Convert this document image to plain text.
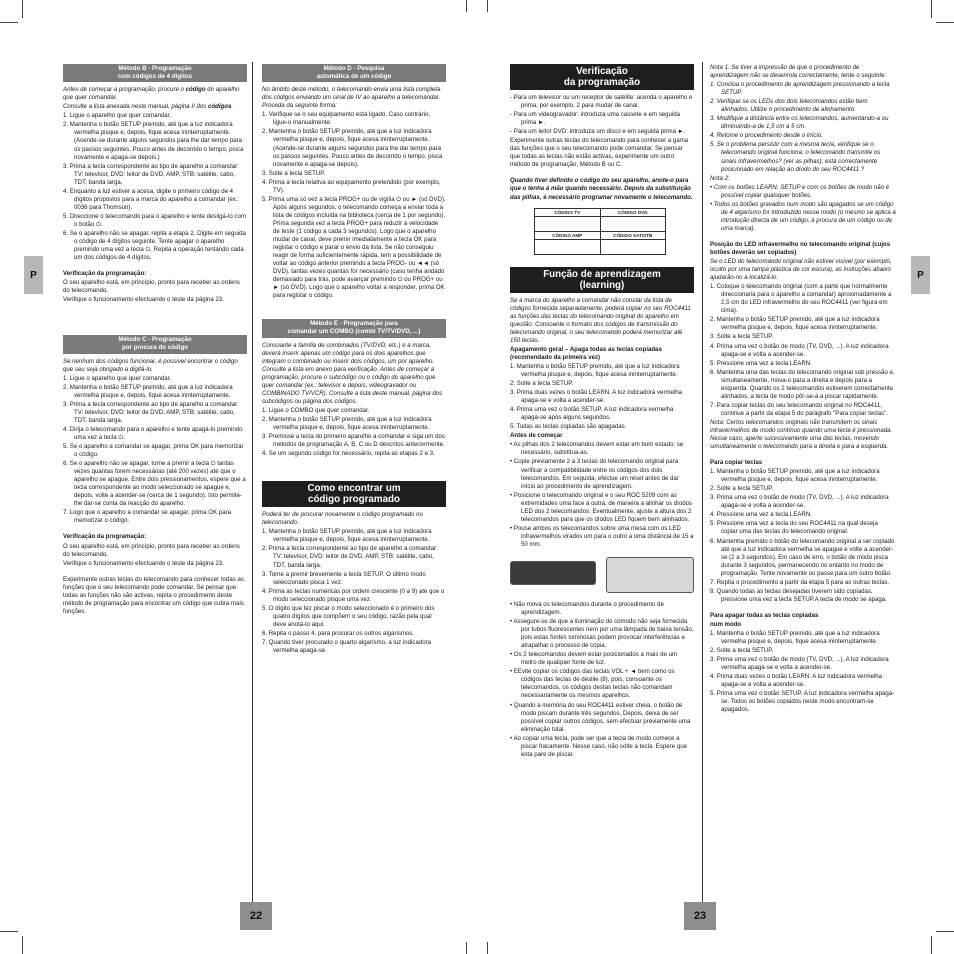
P	P
22	23
Método B - Programação
com códigos de 4 dígitos

Antes de começar a programação, procure o código do aparelho que quer comandar.

Consulte a lista anexada neste manual, página II dos códigos.

1. Ligue o aparelho que quer comandar.

2. Mantenha o botão SETUP premido, até que a luz indicadora vermelha pisque e, depois, fique acesa ininterruptamente. (Acende-se durante alguns segundos para lhe dar tempo para os passos seguintes. Pouco antes de decorrido o tempo, pisca novamente e apaga-se depois.)

3. Prima a tecla correspondente ao tipo de aparelho a comandar: TV: televisor, DVD: leitor de DVD, AMP, STB: satélite, cabo, TDT, banda larga.

4. Enquanto a luz estiver a acesa, digite o primeiro código de 4 dígitos propostos para a marca do aparelho a comandar (ex.: 0036 para Thomson).

5. Direccione o telecomando para o aparelho e tente desligá-lo com o botão ⏻.

6. Se o aparelho não se apagar, repita a etapa 2. Digite em seguida o código de 4 dígitos seguinte. Tente apagar o aparelho premindo uma vez a tecla ⏻. Repita a operação tentando cada um dos códigos de 4 dígitos.

Verificação da programação:

O seu aparelho está, em princípio, pronto para receber as ordens do telecomando.

Verifique o funcionamento efectuando o teste da página 23.

Método C - Programação
por procura do código

Se nenhum dos códigos funcionar, é possível encontrar o código que seu seja obrigado a digitá-lo.

1. Ligue o aparelho que quer comandar.

2. Mantenha o botão SETUP premido, até que a luz indicadora vermelha pisque e, depois, fique acesa ininterruptamente.

3. Prima a tecla correspondente ao tipo de aparelho a comandar: TV: televisor, DVD: leitor de DVD, AMP, STB: satélite, cabo, TDT, banda larga.

4. Dirija o telecomando para o aparelho e tente apagá-lo premindo uma vez a tecla ⏻.

5. Se o aparelho a comandar se apagar, prima OK para memorizar o código.

6. Se o aparelho não se apagar, torne a premir a tecla ⏻ tantas vezes quantas forem necessárias (até 200 vezes) até que o aparelho se apague. Entre dois pressionamentos, espere que a tecla correspondente ao modo seleccionado se apague e, depois, volte a acender-se (cerca de 1 segundo). Isto permite-lhe dar-se conta da reacção do aparelho.

7. Logo que o aparelho a comandar se apagar, prima OK para memorizar o código.

Verificação da programação:

O seu aparelho está, em princípio, pronto para receber as ordens do telecomando.

Verifique o funcionamento efectuando o teste da página 23.

Experimente outras teclas do telecomando para conhecer todas as funções que o seu telecomando pode comandar. Se pensar que todas as funções não são activas, repita o procedimento deste método de programação para encontrar um código que cubra mais funções.

Método D - Pesquisa
automática de um código

No âmbito deste método, o telecomando envia uma lista completa dos códigos enviando um sinal de IV ao aparelho a telecomandar. Proceda da seguinte forma:

1. Verifique se o seu equipamento está ligado. Caso contrário, ligue-o manualmente.

2. Mantenha o botão SETUP premido, até que a luz indicadora vermelha pisque e, depois, fique acesa ininterruptamente. (Acende-se durante alguns segundos para lhe dar tempo para os passos seguintes. Pouco antes de decorrido o tempo, pisca novamente e apaga-se depois).

3. Solte a tecla SETUP.

4. Prima a tecla relativa ao equipamento pretendido (por exemplo, TV).

5. Prima uma só vez a tecla PROG+ ou de vigília ⏻ ou ► (só DVD). Após alguns segundos, o telecomando começa a enviar toda a lista de códigos incluída na biblioteca (cerca de 1 por segundo). Prima segunda vez a tecla PROG+ para reduzir a velocidade de teste (1 código a cada 3 segundos). Logo que o aparelho mudar de canal, deve premir imediatamente a tecla OK para registar o código e parar o envio da lista. Se não conseguiu reagir de forma suficientemente rápida, tem a possibilidade de voltar ao código anterior premindo a tecla PROG- ou ◄◄ (só DVD). tantas vezes quantas for necessário (caso tenha andado demasiado para trás, pode avançar premindo ⏻ ou PROG+ ou ► (só DVD). Logo que o aparelho voltar a responder, prima OK para registar o código.

Método E - Programação para
comandar um COMBO (combi TV/TV/DVD, ...)

Consoante a família de combinados (TV/DVD, etc.) e a marca, deverá inserir apenas um código para os dois aparelhos que integram o combinado ou inserir dois códigos, um por aparelho. Consulte a lista em anexo para verificação. Antes de começar a programação, procure o subcódigo ou o código do aparelho que quer comandar (ex.: televisor e depois, videogravador ou COMBINADO TV/VCR). Consulte a lista deste manual, página dos subcódigos ou página dos códigos.

1. Ligue o COMBO que quer comandar.

2. Mantenha o botão SETUP premido, até que a luz indicadora vermelha pisque e, depois, fique acesa ininterruptamente.

3. Premisse a tecla do primeiro aparelho a comandar e siga um dos métodos de programação A, B, C ou D descritos anteriormente.

4. Se um segundo código for necessário, repita as etapas 2 e 3.

Como encontrar um
código programado

Poderá ter de procurar novamente o código programado no telecomando.

1. Mantenha o botão SETUP premido, até que a luz indicadora vermelha pisque e, depois, fique acesa ininterruptamente.

2. Prima a tecla correspondente ao tipo de aparelho a comandar: TV: televisor, DVD: leitor de DVD, AMP, STB: satélite, cabo, TDT, banda larga.

3. Torne a premir brevemente a tecla SETUP. O último modo seleccionado pisca 1 vez.

4. Prima as teclas numéricas por ordem crescente (0 a 9) até que o modo seleccionado pisque uma vez.

5. O dígito que fez piscar o modo seleccionado é o primeiro dos quatro dígitos que compõem o seu código, razão pela qual deve anotá-lo aqui.

6. Repita o passo 4, para procurar os outros algarismos.

7. Quando tiver procurado o quarto algarismo, a luz indicadora vermelha apaga-se.

Verificação
da programação

- Para um televisor ou um receptor de satélite: acenda o aparelho e prima, por exemplo, 2 para mudar de canal.

- Para um videogravador: introduza uma cassete e em seguida prima ►.

- Para um leitor DVD: introduza um disco e em seguida prima ►.

Experimente outras teclas do telecomando para conhecer a gama das funções que o seu telecomando pode comandar. Se pensar que todas as teclas não estão activas, experimente um outro método de programação, Método B ou C.

Quando tiver definido o código do seu aparelho, anote-o para que o tenha à mão quando necessário. Depois da substituição das pilhas, é necessário programar novamente o telecomando.

CÓDIGO TV	CÓDIGO DVD

CÓDIGO AMP	CÓDIGO SAT/STB

Função de aprendizagem
(learning)

Se a marca do aparelho a comandar não constar da lista de códigos fornecida separadamente, poderá copiar no seu ROC4411 as funções das teclas do telecomando original do aparelho em questão. Consoante o formato dos códigos de transmissão do telecomando original, o seu telecomando poderá memorizar até 150 teclas.

Apagamento geral – Apaga todas as teclas copiadas (recomendado da primeira vez)

1. Mantenha o botão SETUP premido, até que a luz indicadora vermelha pisque e, depois, fique acesa ininterruptamente.

2. Solte a tecla SETUP.

3. Prima duas vezes o botão LEARN. A luz indicadora vermelha apaga-se e volta a acender-se.

4. Prima uma vez o botão SETUP. A luz indicadora vermelha apaga-se após alguns segundos.

5. Todas as teclas copiadas são apagadas.

Antes de começar

• As pilhas dos 2 telecomandos devem estar em bom estado; se necessário, substitua-as.

• Copie previamente 2 a 3 teclas do telecomando original para verificar a compatibilidade entre os códigos dos dois telecomandos. Em seguida, efectue um reset antes de dar início ao procedimento de aprendizagem.

• Posicione o telecomando original e o seu ROC 5209 com as extremidades uma face à outra, de maneira a alinhar os díodos LED dos 2 telecomandos. Eventualmente, ajuste a altura dos 2 telecomandos para que os díodos LED fiquem bem alinhados.

• Pouse ambos os telecomandos sobre uma mesa com os LED infravermelhos virados um para o outro a uma distância de 15 a 50 mm.

• Não mova os telecomandos durante o procedimento de aprendizagem.

• Assegure-se de que a iluminação do cómodo não seja fornecida por tubos fluorescentes nem por uma lâmpada de baixa tensão, pois estas fontes luminosas podem provocar interferências e atrapalhar o processo de cópia.

• Os 2 telecomandos devem estar posicionados a mais de um metro de qualquer fonte de luz.

• EEvite copiar os códigos das teclas VOL + ◄ bem como os códigos das teclas de deslile (8), pois, consoante os telecomandos, os códigos destas teclas não comandam necessariamente os mesmos aparelhos.

• Quando a memória do seu ROC4411 estiver cheia, o botão de modo piscam durante três segundos. Depois, deixa de ser possível copiar outros códigos, sem efectuar previamente uma eliminação total.

• Ao copiar uma tecla, pode ser que a tecla de modo comece a piscar fracamente. Nesse caso, não solte a tecla. Espere que esta pare de piscar.

Nota 1: Se tiver a impressão de que o procedimento de aprendizagem não se desenrola correctamente, tente o seguinte:

1. Conclua o procedimento de aprendizagem pressionando a tecla SETUP.

2. Verifique se os LEDs dos dois telecomandos estão bem alinhados. Utilize o procedimento de alinhamento.

3. Modifique a distância entre os telecomandos, aumentando-a ou diminuindo-a de 1,5 cm a 5 cm.

4. Retome o procedimento desde o início.

5. Se o problema persistir com a mesma tecla, verifique se o telecomando original funciona: o telecomando transmite os sinais infravermelhos? (ver as pilhas); está correctamente posicionado em relação ao díodo do seu ROC4411 ?

Nota 2:

• Com os botões LEARN, SETUP e com os botões de modo não é possível copiar quaisquer botões.

• Todos os botões gravados num modo são apagados se um código de 4 algarismo for introduzido nesse modo (o mesmo se aplica à introdução directa de um código, à procura de um código ou de uma marca).

Posição do LED infravermelho no telecomando original (cujos botões deverão ser copiados)

Se o LED do telecomando original não estiver visível (por exemplo, oculto por uma tampa plástica de cor escura), as instruções abaixo ajudarão-no a localizá-lo.

1. Coloque o telecomando original (com a parte que normalmente direccionaria para o aparelho a comandar) aproximadamente a 2,5 cm do LED infravermelho do seu ROC4411 (ver figura em cima).

2. Mantenha o botão SETUP premido, até que a luz indicadora vermelha pisque e, depois, fique acesa ininterruptamente.

3. Solte a tecla SETUP.

4. Prima uma vez o botão de modo (TV, DVD, ...). A luz indicadora apaga-se e volta a acender-se.

5. Pressione uma vez a tecla LEARN.

6. Mantenha uma das teclas do telecomando original sob pressão e, simultaneamente, mova-o para a direita e depois para a esquerda. Quando os 2 telecomandos estiverem correctamente alinhados, a tecla de modo pôr-se-á a piscar rapidamente.

7. Para copiar teclas do seu telecomando original no ROC4411, continue a partir da etapa 5 do parágrafo "Para copiar teclas".

Nota: Certos telecomandos originais não transmitem os sinais infravermelhos de modo contínuo quando uma tecla é pressionada. Nesse caso, aperte sucessivamente uma das teclas, movendo simultaneamente o telecomando para a direita e para a esquerda.

Para copiar teclas

1. Mantenha o botão SETUP premido, até que a luz indicadora vermelha pisque e, depois, fique acesa ininterruptamente.

2. Solte a tecla SETUP.

3. Prima uma vez o botão de modo (TV, DVD, ...). A luz indicadora apaga-se e volta a acender-se.

4. Pressione uma vez a tecla LEARN.

5. Pressione uma vez a tecla do seu ROC4411 na qual deseja copiar uma das teclas do telecomando original.

6. Mantenha premido o botão do telecomando original a ser copiado até que a luz indicadora vermelha se apague e volte a acender-se (2 a 3 segundos). Em caso de erro, o botão de modo pisca durante 3 segundos, permanecendo no entanto no modo de programação. Tente novamente ou passe para um outro botão.

7. Repita o procedimento a partir da etapa 5 para as outras teclas.

8. Quando todas as teclas desejadas tiverem sido copiadas, pressione uma vez a tecla SETUP.A tecla de modo se apaga.

Para apagar todas as teclas copiadas

num modo

1. Mantenha o botão SETUP premido, até que a luz indicadora vermelha pisque e, depois, fique acesa ininterruptamente.

2. Solte a tecla SETUP.

3. Prima uma vez o botão de modo (TV, DVD, ...). A luz indicadora vermelha apaga-se e volta a acender-se.

4. Prima duas vezes o botão LEARN. A luz indicadora vermelha apaga-se e volta a acender-se.

5. Prima uma vez o botão SETUP. A luz indicadora vermelha apaga-se. Todos os botões copiados neste modo encontram-se apagados.
